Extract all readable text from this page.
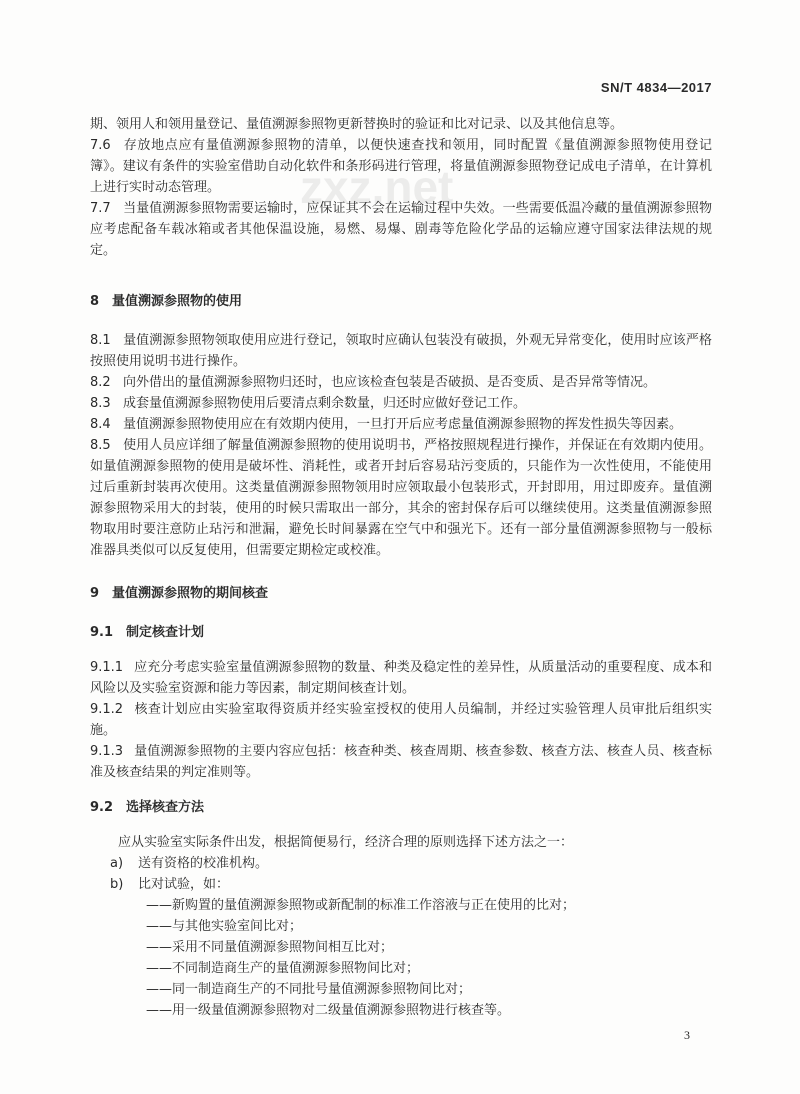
zxz.net
SN/T 4834—2017

期、领用人和领用量登记、量值溯源参照物更新替换时的验证和比对记录、以及其他信息等。

7.6 存放地点应有量值溯源参照物的清单，以便快速查找和领用，同时配置《量值溯源参照物使用登记簿》。建议有条件的实验室借助自动化软件和条形码进行管理，将量值溯源参照物登记成电子清单，在计算机上进行实时动态管理。

7.7 当量值溯源参照物需要运输时，应保证其不会在运输过程中失效。一些需要低温冷藏的量值溯源参照物应考虑配备车载冰箱或者其他保温设施，易燃、易爆、剧毒等危险化学品的运输应遵守国家法律法规的规定。

8　量值溯源参照物的使用

8.1 量值溯源参照物领取使用应进行登记，领取时应确认包装没有破损，外观无异常变化，使用时应该严格按照使用说明书进行操作。

8.2 向外借出的量值溯源参照物归还时，也应该检查包装是否破损、是否变质、是否异常等情况。

8.3 成套量值溯源参照物使用后要清点剩余数量，归还时应做好登记工作。

8.4 量值溯源参照物使用应在有效期内使用，一旦打开后应考虑量值溯源参照物的挥发性损失等因素。

8.5 使用人员应详细了解量值溯源参照物的使用说明书，严格按照规程进行操作，并保证在有效期内使用。如量值溯源参照物的使用是破坏性、消耗性，或者开封后容易玷污变质的，只能作为一次性使用，不能使用过后重新封装再次使用。这类量值溯源参照物领用时应领取最小包装形式，开封即用，用过即废弃。量值溯源参照物采用大的封装，使用的时候只需取出一部分，其余的密封保存后可以继续使用。这类量值溯源参照物取用时要注意防止玷污和泄漏，避免长时间暴露在空气中和强光下。还有一部分量值溯源参照物与一般标准器具类似可以反复使用，但需要定期检定或校准。

9　量值溯源参照物的期间核查

9.1　制定核查计划

9.1.1 应充分考虑实验室量值溯源参照物的数量、种类及稳定性的差异性，从质量活动的重要程度、成本和风险以及实验室资源和能力等因素，制定期间核查计划。

9.1.2 核查计划应由实验室取得资质并经实验室授权的使用人员编制，并经过实验管理人员审批后组织实施。

9.1.3 量值溯源参照物的主要内容应包括：核查种类、核查周期、核查参数、核查方法、核查人员、核查标准及核查结果的判定准则等。

9.2　选择核查方法

应从实验室实际条件出发，根据简便易行，经济合理的原则选择下述方法之一：

a) 送有资格的校准机构。

b) 比对试验，如：

——新购置的量值溯源参照物或新配制的标准工作溶液与正在使用的比对；

——与其他实验室间比对；

——采用不同量值溯源参照物间相互比对；

——不同制造商生产的量值溯源参照物间比对；

——同一制造商生产的不同批号量值溯源参照物间比对；

——用一级量值溯源参照物对二级量值溯源参照物进行核查等。

3
